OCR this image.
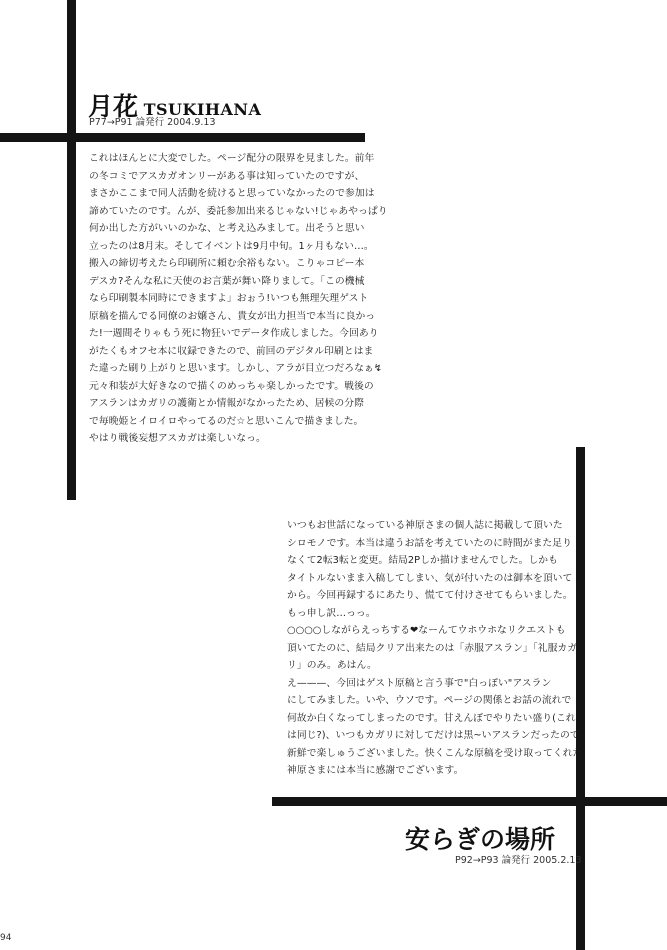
月花 TSUKIHANA
P77→P91 論発行 2004.9.13

これはほんとに大変でした。ページ配分の限界を見ました。前年

の冬コミでアスカガオンリーがある事は知っていたのですが、

まさかここまで同人活動を続けると思っていなかったので参加は

諦めていたのです。んが、委託参加出来るじゃない!じゃあやっぱり

何か出した方がいいのかな、と考え込みまして。出そうと思い

立ったのは8月末。そしてイベントは9月中旬。1ヶ月もない…。

搬入の締切考えたら印刷所に頼む余裕もない。こりゃコピー本

デスカ?そんな私に天使のお言葉が舞い降りまして。「この機械

なら印刷製本同時にできますよ」おぉう!いつも無理矢理ゲスト

原稿を描んでる同僚のお嬢さん、貴女が出力担当で本当に良かっ

た!一週間そりゃもう死に物狂いでデータ作成しました。今回あり

がたくもオフセ本に収録できたので、前回のデジタル印刷とはま

た違った刷り上がりと思います。しかし、アラが目立つだろなぁ↯

元々和装が大好きなので描くのめっちゃ楽しかったです。戦後の

アスランはカガリの護衛とか情報がなかったため、居候の分際

で毎晩姫とイロイロやってるのだ☆と思いこんで描きました。

やはり戦後妄想アスカガは楽しいなっ。

いつもお世話になっている神原さまの個人誌に掲載して頂いた

シロモノです。本当は違うお話を考えていたのに時間がまた足り

なくて2転3転と変更。結局2Pしか描けませんでした。しかも

タイトルないまま入稿してしまい、気が付いたのは御本を頂いて

から。今回再録するにあたり、慌てて付けさせてもらいました。

もっ申し訳…っっ。

○○○○しながらえっちする❤なーんてウホウホなリクエストも

頂いてたのに、結局クリア出来たのは「赤服アスラン」「礼服カガ

リ」のみ。あはん。

え———、今回はゲスト原稿と言う事で"白っぽい"アスラン

にしてみました。いや、ウソです。ページの関係とお話の流れで

何故か白くなってしまったのです。甘えんぼでやりたい盛り(これ

は同じ?)、いつもカガリに対してだけは黒~いアスランだったので

新鮮で楽しゅうございました。快くこんな原稿を受け取ってくれた

神原さまには本当に感謝でございます。

安らぎの場所
P92→P93 論発行 2005.2.13
94
